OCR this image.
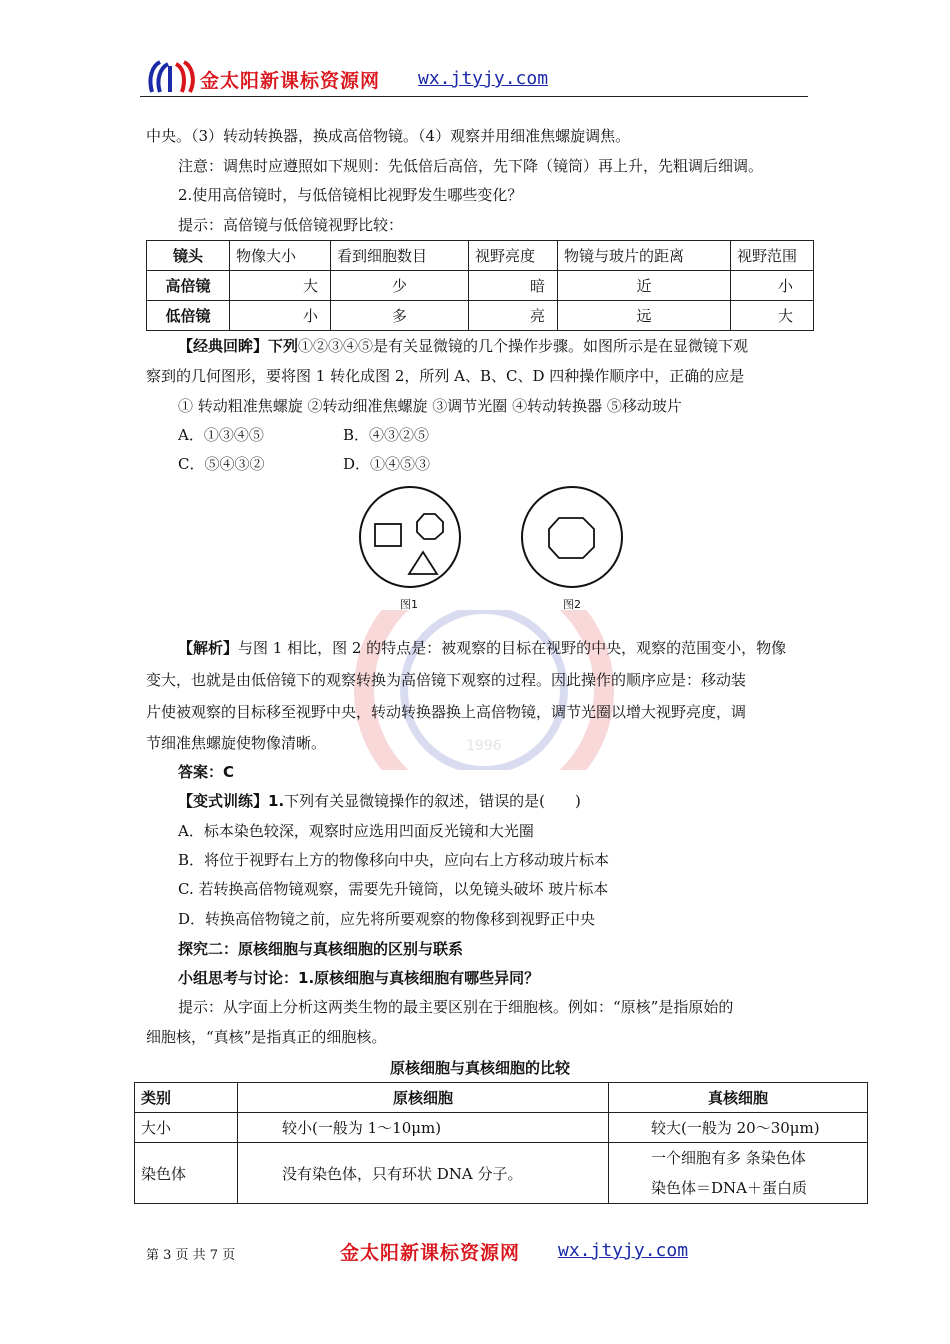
金太阳新课标资源网 wx.jtyjy.com
1996
中央。（3）转动转换器，换成高倍物镜。（4）观察并用细准焦螺旋调焦。
注意：调焦时应遵照如下规则：先低倍后高倍，先下降（镜筒）再上升，先粗调后细调。
2.使用高倍镜时，与低倍镜相比视野发生哪些变化？
提示：高倍镜与低倍镜视野比较：
镜头	物像大小	看到细胞数目	视野亮度	物镜与玻片的距离	视野范围
高倍镜	大	少	暗	近	小
低倍镜	小	多	亮	远	大
【经典回眸】下列①②③④⑤是有关显微镜的几个操作步骤。如图所示是在显微镜下观
察到的几何图形，要将图 1 转化成图 2，所列 A、B、C、D 四种操作顺序中，正确的应是
① 转动粗准焦螺旋 ②转动细准焦螺旋 ③调节光圈 ④转动转换器 ⑤移动玻片
A．①③④⑤	B．④③②⑤
C．⑤④③②	D．①④⑤③
图1	图2
【解析】与图 1 相比，图 2 的特点是：被观察的目标在视野的中央，观察的范围变小，物像
变大，也就是由低倍镜下的观察转换为高倍镜下观察的过程。因此操作的顺序应是：移动装
片使被观察的目标移至视野中央，转动转换器换上高倍物镜，调节光圈以增大视野亮度，调
节细准焦螺旋使物像清晰。
答案：C
【变式训练】1.下列有关显微镜操作的叙述，错误的是(　　)
A．标本染色较深，观察时应选用凹面反光镜和大光圈
B．将位于视野右上方的物像移向中央，应向右上方移动玻片标本
C. 若转换高倍物镜观察，需要先升镜筒，以免镜头破坏 玻片标本
D．转换高倍物镜之前，应先将所要观察的物像移到视野正中央
探究二：原核细胞与真核细胞的区别与联系
小组思考与讨论：1.原核细胞与真核细胞有哪些异同？
提示：从字面上分析这两类生物的最主要区别在于细胞核。例如：“原核”是指原始的
细胞核，“真核”是指真正的细胞核。
原核细胞与真核细胞的比较
类别	原核细胞	真核细胞
大小	较小(一般为 1～10μm)	较大(一般为 20～30μm)
染色体	没有染色体，只有环状 DNA 分子。	一个细胞有多 条染色体
染色体＝DNA＋蛋白质
第 3 页 共 7 页	金太阳新课标资源网 wx.jtyjy.com
